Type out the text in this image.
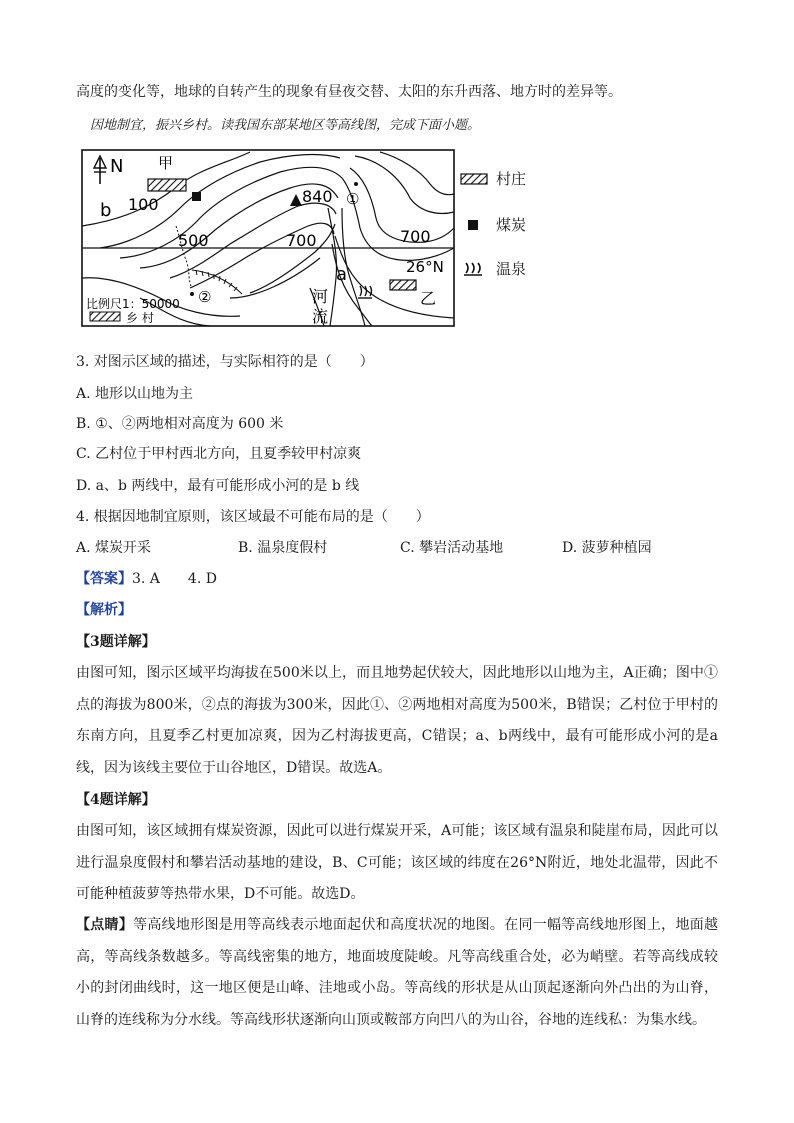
高度的变化等，地球的自转产生的现象有昼夜交替、太阳的东升西落、地方时的差异等。
因地制宜，振兴乡村。读我国东部某地区等高线图，完成下面小题。
N 甲
b 100
500	700	700
840 ①
②
a	26°N
乙
河
流
比例尺1：50000
乡 村
村庄
煤炭
温泉
3. 对图示区域的描述，与实际相符的是（　　）
A. 地形以山地为主
B. ①、②两地相对高度为 600 米
C. 乙村位于甲村西北方向，且夏季较甲村凉爽
D. a、b 两线中，最有可能形成小河的是 b 线
4. 根据因地制宜原则，该区域最不可能布局的是（　　）
A. 煤炭开采	B. 温泉度假村	C. 攀岩活动基地	D. 菠萝种植园
【答案】3. A　　4. D
【解析】
【3题详解】
由图可知，图示区域平均海拔在500米以上，而且地势起伏较大，因此地形以山地为主，A正确；图中①点的海拔为800米，②点的海拔为300米，因此①、②两地相对高度为500米，B错误；乙村位于甲村的东南方向，且夏季乙村更加凉爽，因为乙村海拔更高，C错误；a、b两线中，最有可能形成小河的是a线，因为该线主要位于山谷地区，D错误。故选A。
【4题详解】
由图可知，该区域拥有煤炭资源，因此可以进行煤炭开采，A可能；该区域有温泉和陡崖布局，因此可以进行温泉度假村和攀岩活动基地的建设，B、C可能；该区域的纬度在26°N附近，地处北温带，因此不可能种植菠萝等热带水果，D不可能。故选D。
【点睛】等高线地形图是用等高线表示地面起伏和高度状况的地图。在同一幅等高线地形图上，地面越高，等高线条数越多。等高线密集的地方，地面坡度陡峻。凡等高线重合处，必为峭壁。若等高线成较小的封闭曲线时，这一地区便是山峰、洼地或小岛。等高线的形状是从山顶起逐渐向外凸出的为山脊，山脊的连线称为分水线。等高线形状逐渐向山顶或鞍部方向凹八的为山谷，谷地的连线私：为集水线。
